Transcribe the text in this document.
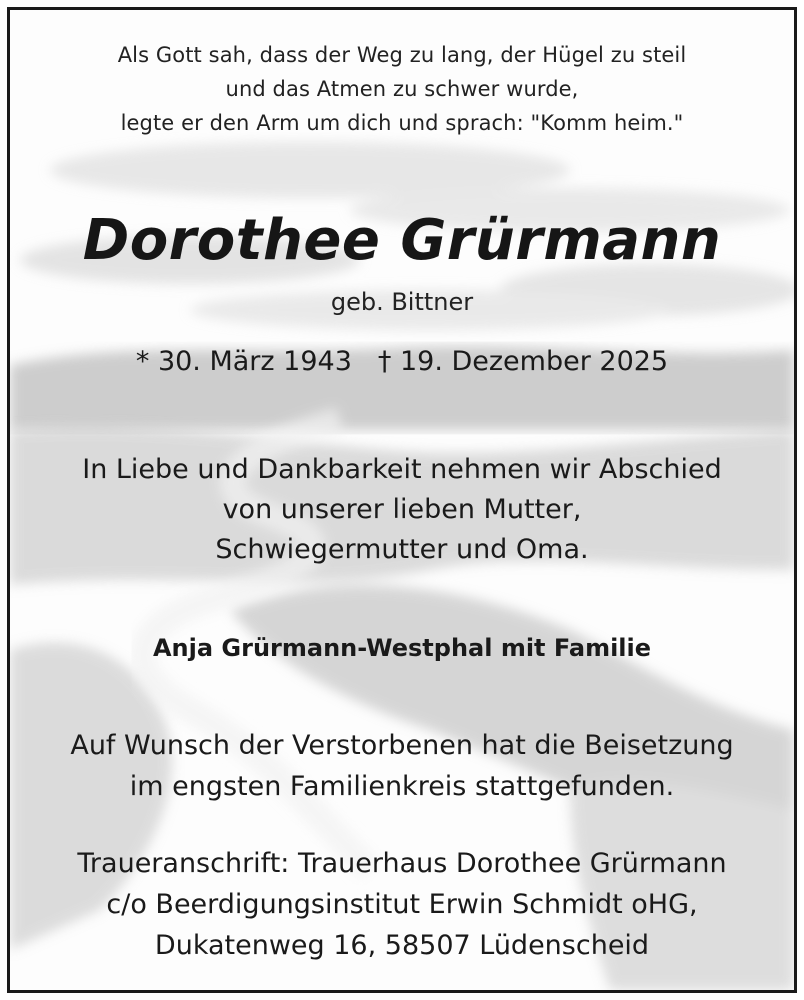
Als Gott sah, dass der Weg zu lang, der Hügel zu steil
und das Atmen zu schwer wurde,
legte er den Arm um dich und sprach: "Komm heim."
Dorothee Grürmann
geb. Bittner
* 30. März 1943 † 19. Dezember 2025
In Liebe und Dankbarkeit nehmen wir Abschied
von unserer lieben Mutter,
Schwiegermutter und Oma.
Anja Grürmann-Westphal mit Familie
Auf Wunsch der Verstorbenen hat die Beisetzung
im engsten Familienkreis stattgefunden.
Traueranschrift: Trauerhaus Dorothee Grürmann
c/o Beerdigungsinstitut Erwin Schmidt oHG,
Dukatenweg 16, 58507 Lüdenscheid
